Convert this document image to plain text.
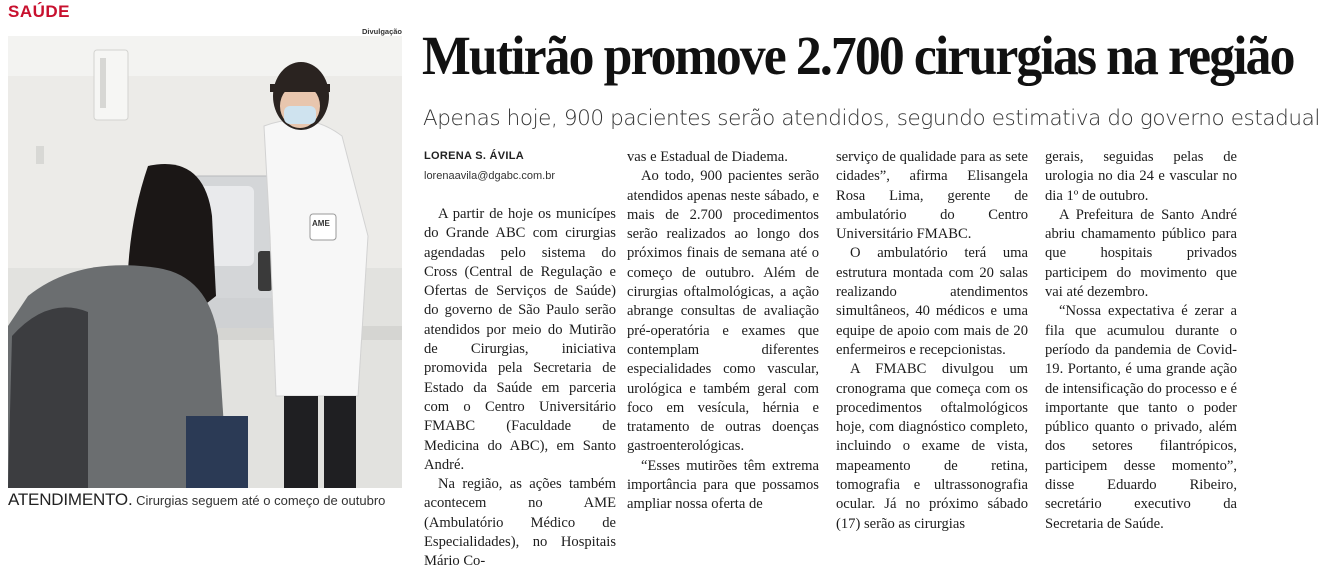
SAÚDE
Divulgação
AME
ATENDIMENTO. Cirurgias seguem até o começo de outubro
Mutirão promove 2.700 cirurgias na região
Apenas hoje, 900 pacientes serão atendidos, segundo estimativa do governo estadual
LORENA S. ÁVILA
lorenaavila@dgabc.com.br

A partir de hoje os municípes do Grande ABC com cirurgias agendadas pelo sistema do Cross (Central de Regulação e Ofertas de Serviços de Saúde) do governo de São Paulo serão atendidos por meio do Mutirão de Cirurgias, iniciativa promovida pela Secretaria de Estado da Saúde em parceria com o Centro Universitário FMABC (Faculdade de Medicina do ABC), em Santo André.

Na região, as ações também acontecem no AME (Ambulatório Médico de Especialidades), no Hospitais Mário Co-

vas e Estadual de Diadema.

Ao todo, 900 pacientes serão atendidos apenas neste sábado, e mais de 2.700 procedimentos serão realizados ao longo dos próximos finais de semana até o começo de outubro. Além de cirurgias oftalmológicas, a ação abrange consultas de avaliação pré-operatória e exames que contemplam diferentes especialidades como vascular, urológica e também geral com foco em vesícula, hérnia e tratamento de outras doenças gastroenterológicas.

“Esses mutirões têm extrema importância para que possamos ampliar nossa oferta de

serviço de qualidade para as sete cidades”, afirma Elisangela Rosa Lima, gerente de ambulatório do Centro Universitário FMABC.

O ambulatório terá uma estrutura montada com 20 salas realizando atendimentos simultâneos, 40 médicos e uma equipe de apoio com mais de 20 enfermeiros e recepcionistas.

A FMABC divulgou um cronograma que começa com os procedimentos oftalmológicos hoje, com diagnóstico completo, incluindo o exame de vista, mapeamento de retina, tomografia e ultrassonografia ocular. Já no próximo sábado (17) serão as cirurgias

gerais, seguidas pelas de urologia no dia 24 e vascular no dia 1º de outubro.

A Prefeitura de Santo André abriu chamamento público para que hospitais privados participem do movimento que vai até dezembro.

“Nossa expectativa é zerar a fila que acumulou durante o período da pandemia de Covid-19. Portanto, é uma grande ação de intensificação do processo e é importante que tanto o poder público quanto o privado, além dos setores filantrópicos, participem desse momento”, disse Eduardo Ribeiro, secretário executivo da Secretaria de Saúde.
